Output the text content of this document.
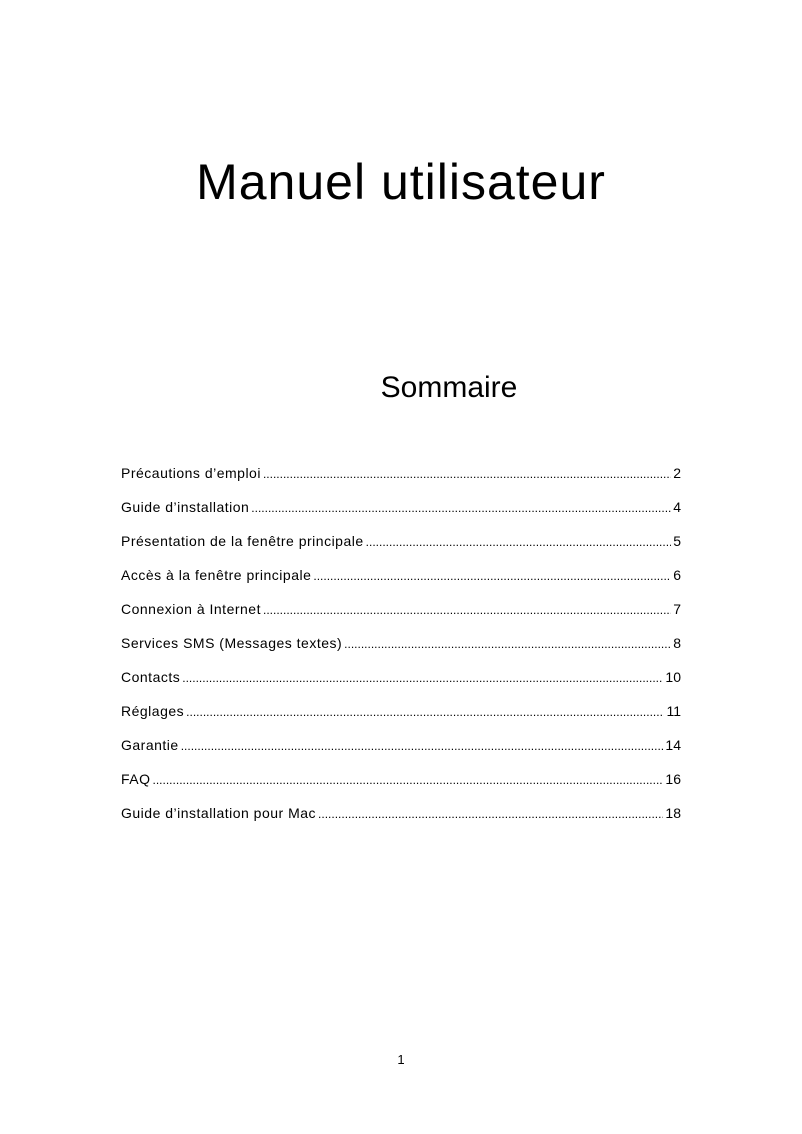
Manuel utilisateur
Sommaire
Précautions d’emploi .....	2
Guide d’installation .....	4
Présentation de la fenêtre principale .....	5
Accès à la fenêtre principale .....	6
Connexion à Internet .....	7
Services SMS (Messages textes) .....	8
Contacts .....	10
Réglages .....	11
Garantie .....	14
FAQ .....	16
Guide d’installation pour Mac .....	18
1
